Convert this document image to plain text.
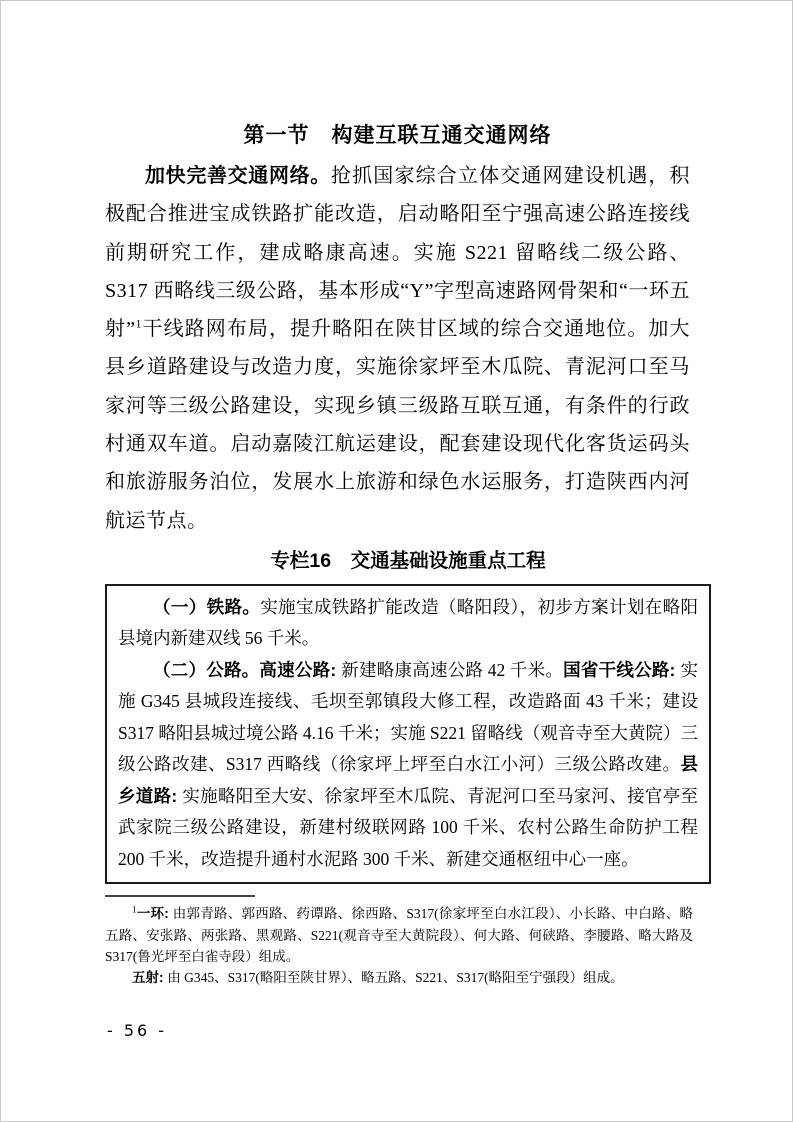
第一节　构建互联互通交通网络

加快完善交通网络。抢抓国家综合立体交通网建设机遇，积极配合推进宝成铁路扩能改造，启动略阳至宁强高速公路连接线前期研究工作，建成略康高速。实施 S221 留略线二级公路、S317 西略线三级公路，基本形成“Y”字型高速路网骨架和“一环五射”$^1$干线路网布局，提升略阳在陕甘区域的综合交通地位。加大县乡道路建设与改造力度，实施徐家坪至木瓜院、青泥河口至马家河等三级公路建设，实现乡镇三级路互联互通，有条件的行政村通双车道。启动嘉陵江航运建设，配套建设现代化客货运码头和旅游服务泊位，发展水上旅游和绿色水运服务，打造陕西内河航运节点。

专栏16　交通基础设施重点工程

（一）铁路。实施宝成铁路扩能改造（略阳段），初步方案计划在略阳县境内新建双线 56 千米。

（二）公路。高速公路: 新建略康高速公路 42 千米。国省干线公路: 实施 G345 县城段连接线、毛坝至郭镇段大修工程，改造路面 43 千米；建设 S317 略阳县城过境公路 4.16 千米；实施 S221 留略线（观音寺至大黄院）三级公路改建、S317 西略线（徐家坪上坪至白水江小河）三级公路改建。县乡道路: 实施略阳至大安、徐家坪至木瓜院、青泥河口至马家河、接官亭至武家院三级公路建设，新建村级联网路 100 千米、农村公路生命防护工程 200 千米，改造提升通村水泥路 300 千米、新建交通枢纽中心一座。

$^1$一环: 由郭青路、郭西路、药谭路、徐西路、S317(徐家坪至白水江段）、小长路、中白路、略五路、安张路、两张路、黑观路、S221(观音寺至大黄院段）、何大路、何硖路、李腰路、略大路及 S317(鲁光坪至白雀寺段）组成。

五射: 由 G345、S317(略阳至陕甘界）、略五路、S221、S317(略阳至宁强段）组成。

- 56 -
